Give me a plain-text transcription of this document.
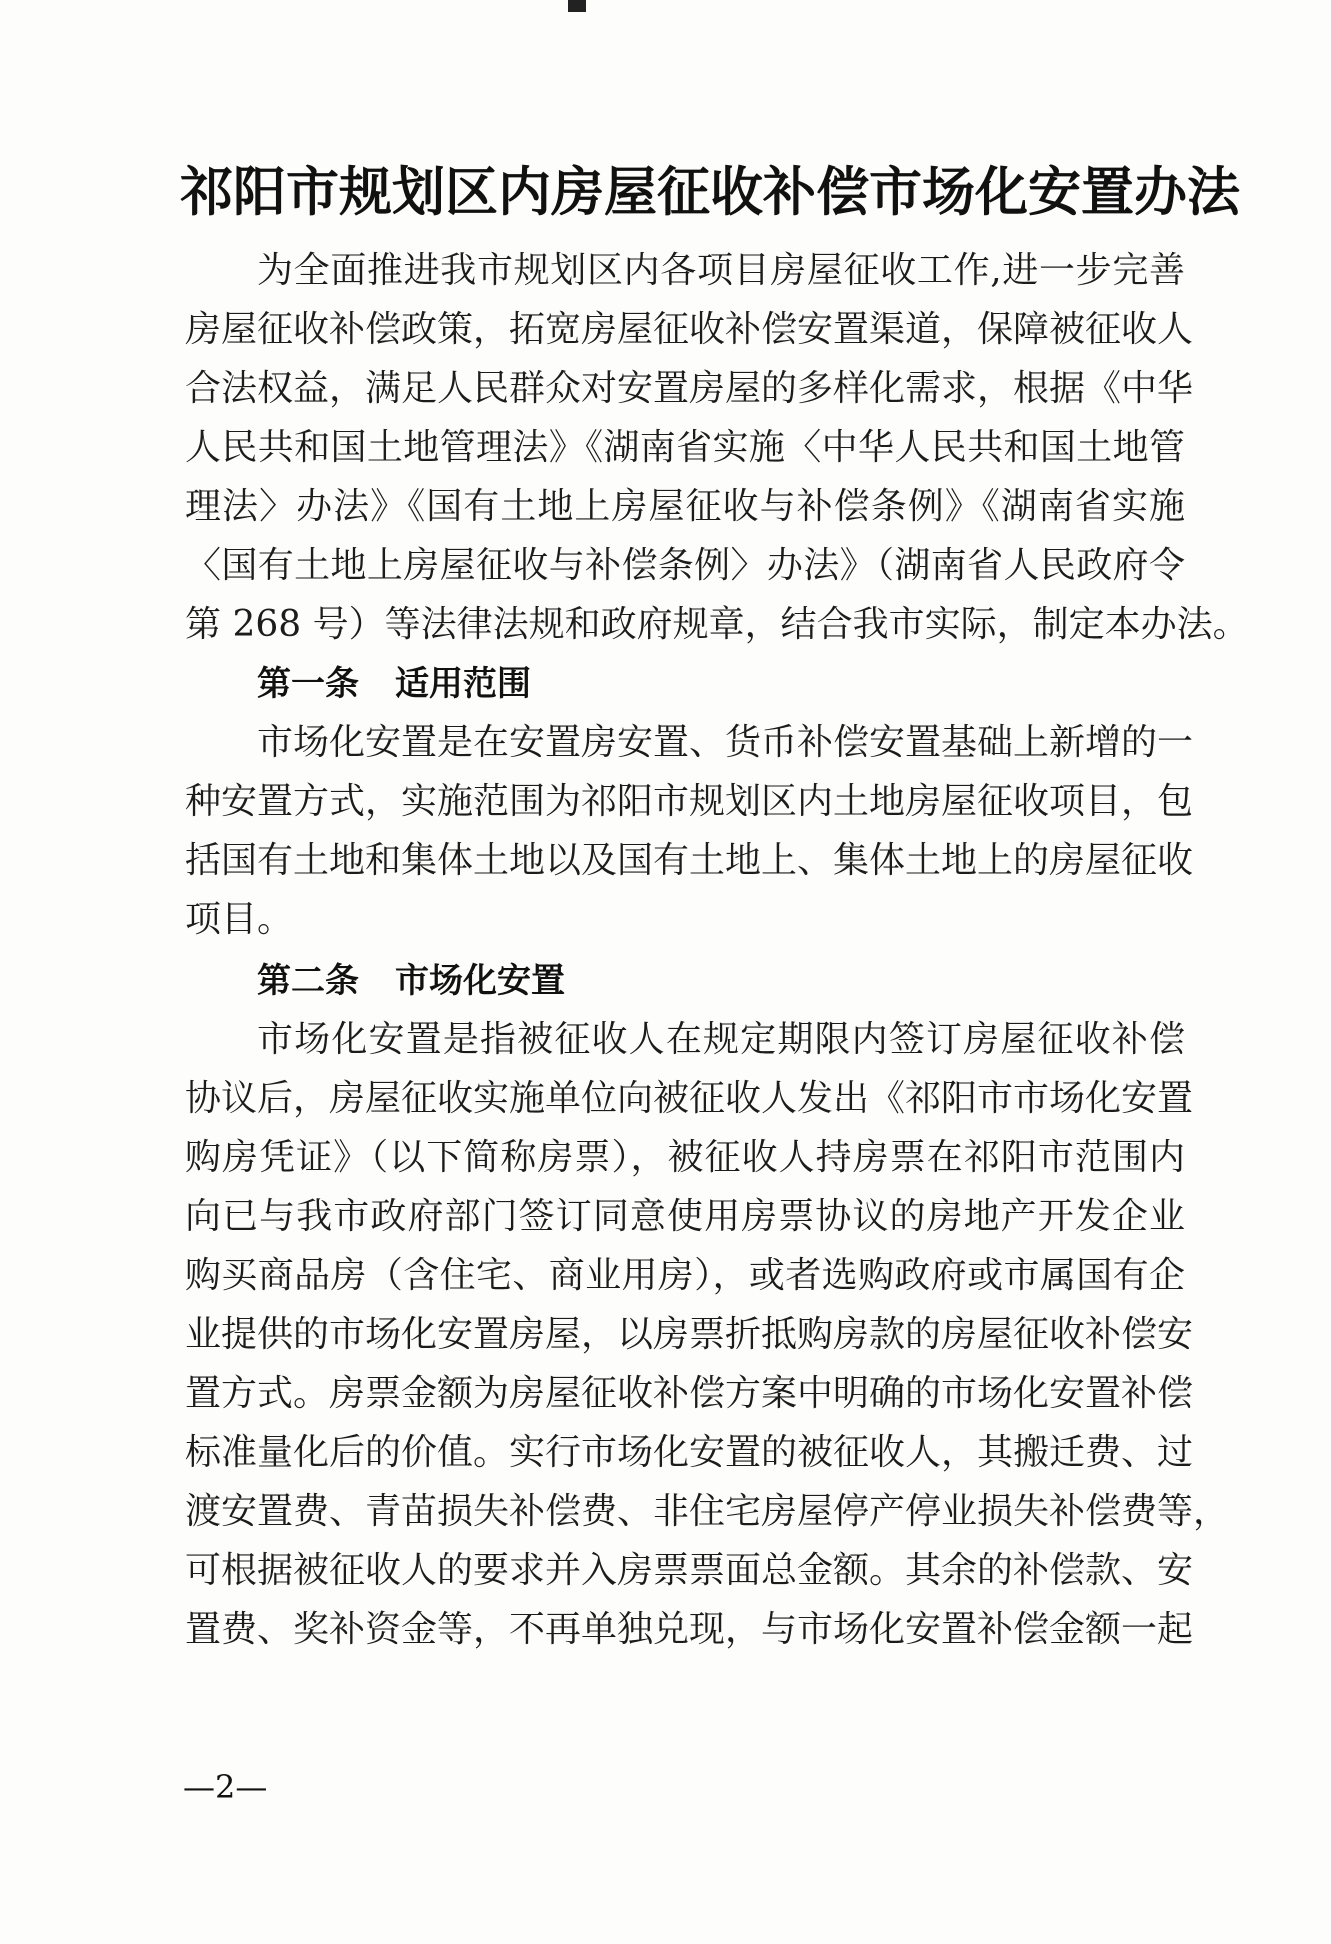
祁阳市规划区内房屋征收补偿市场化安置办法
为全面推进我市规划区内各项目房屋征收工作,进一步完善
房屋征收补偿政策，拓宽房屋征收补偿安置渠道，保障被征收人
合法权益，满足人民群众对安置房屋的多样化需求，根据《中华
人民共和国土地管理法》《湖南省实施〈中华人民共和国土地管
理法〉办法》《国有土地上房屋征收与补偿条例》《湖南省实施
〈国有土地上房屋征收与补偿条例〉办法》（湖南省人民政府令
第 268 号）等法律法规和政府规章，结合我市实际，制定本办法。
第一条 适用范围
市场化安置是在安置房安置、货币补偿安置基础上新增的一
种安置方式，实施范围为祁阳市规划区内土地房屋征收项目，包
括国有土地和集体土地以及国有土地上、集体土地上的房屋征收
项目。
第二条 市场化安置
市场化安置是指被征收人在规定期限内签订房屋征收补偿
协议后，房屋征收实施单位向被征收人发出《祁阳市市场化安置
购房凭证》（以下简称房票），被征收人持房票在祁阳市范围内
向已与我市政府部门签订同意使用房票协议的房地产开发企业
购买商品房（含住宅、商业用房），或者选购政府或市属国有企
业提供的市场化安置房屋，以房票折抵购房款的房屋征收补偿安
置方式。房票金额为房屋征收补偿方案中明确的市场化安置补偿
标准量化后的价值。实行市场化安置的被征收人，其搬迁费、过
渡安置费、青苗损失补偿费、非住宅房屋停产停业损失补偿费等，
可根据被征收人的要求并入房票票面总金额。其余的补偿款、安
置费、奖补资金等，不再单独兑现，与市场化安置补偿金额一起
—2—
